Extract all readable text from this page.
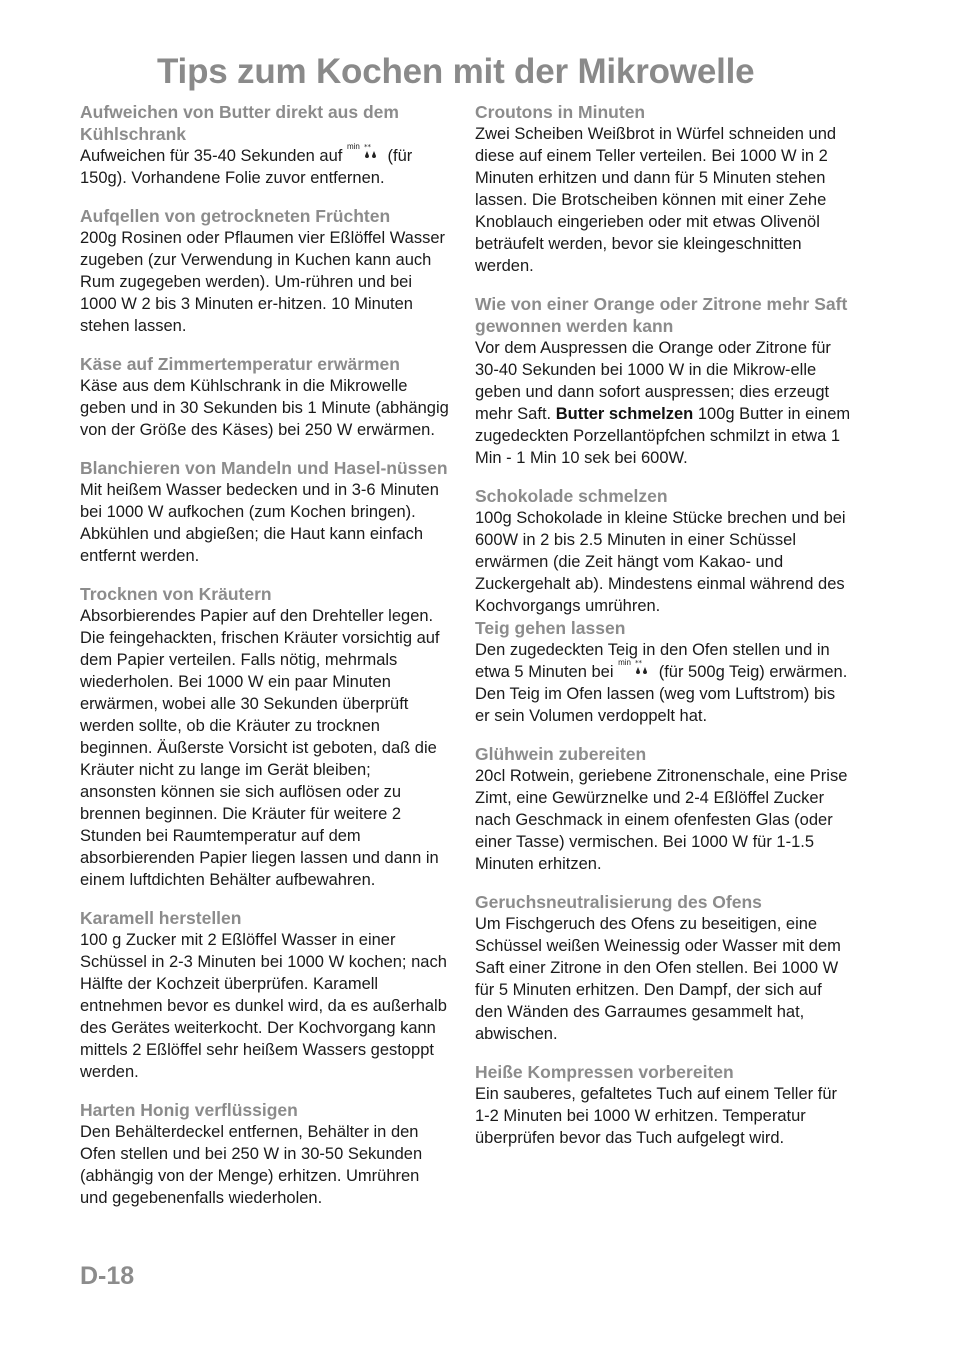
Tips zum Kochen mit der Mikrowelle
Aufweichen von Butter direkt aus dem Kühlschrank
Aufweichen für 35-40 Sekunden auf
min ** (für 150g). Vorhandene Folie zuvor entfernen.
Aufqellen von getrockneten Früchten
200g Rosinen oder Pflaumen vier Eßlöffel Wasser zugeben (zur Verwendung in Kuchen kann auch Rum zugegeben werden). Um-rühren und bei 1000 W 2 bis 3 Minuten er-hitzen. 10 Minuten stehen lassen.
Käse auf Zimmertemperatur erwärmen
Käse aus dem Kühlschrank in die Mikrowelle geben und in 30 Sekunden bis 1 Minute (abhängig von der Größe des Käses) bei 250 W erwärmen.
Blanchieren von Mandeln und Hasel-nüssen
Mit heißem Wasser bedecken und in 3-6 Minuten bei 1000 W aufkochen (zum Kochen bringen). Abkühlen und abgießen; die Haut kann einfach entfernt werden.
Trocknen von Kräutern
Absorbierendes Papier auf den Drehteller legen. Die feingehackten, frischen Kräuter vorsichtig auf dem Papier verteilen. Falls nötig, mehrmals wiederholen. Bei 1000 W ein paar Minuten erwärmen, wobei alle 30 Sekunden überprüft werden sollte, ob die Kräuter zu trocknen beginnen. Äußerste Vorsicht ist geboten, daß die Kräuter nicht zu lange im Gerät bleiben; ansonsten können sie sich auflösen oder zu brennen beginnen. Die Kräuter für weitere 2 Stunden bei Raumtemperatur auf dem absorbierenden Papier liegen lassen und dann in einem luftdichten Behälter aufbewahren.
Karamell herstellen
100 g Zucker mit 2 Eßlöffel Wasser in einer Schüssel in 2-3 Minuten bei 1000 W kochen; nach Hälfte der Kochzeit überprüfen. Karamell entnehmen bevor es dunkel wird, da es außerhalb des Gerätes weiterkocht. Der Kochvorgang kann mittels 2 Eßlöffel sehr heißem Wassers gestoppt werden.
Harten Honig verflüssigen
Den Behälterdeckel entfernen, Behälter in den Ofen stellen und bei 250 W in 30-50 Sekunden (abhängig von der Menge) erhitzen. Umrühren und gegebenenfalls wiederholen.
Croutons in Minuten
Zwei Scheiben Weißbrot in Würfel schneiden und diese auf einem Teller verteilen. Bei 1000 W in 2 Minuten erhitzen und dann für 5 Minuten stehen lassen. Die Brotscheiben können mit einer Zehe Knoblauch eingerieben oder mit etwas Olivenöl beträufelt werden, bevor sie kleingeschnitten werden.
Wie von einer Orange oder Zitrone mehr Saft gewonnen werden kann
Vor dem Auspressen die Orange oder Zitrone für 30-40 Sekunden bei 1000 W in die Mikrow-elle geben und dann sofort auspressen; dies erzeugt mehr Saft. Butter schmelzen 100g Butter in einem zugedeckten Porzellantöpfchen schmilzt in etwa 1 Min - 1 Min 10 sek bei 600W.
Schokolade schmelzen
100g Schokolade in kleine Stücke brechen und bei 600W in 2 bis 2.5 Minuten in einer Schüssel erwärmen (die Zeit hängt vom Kakao- und Zuckergehalt ab). Mindestens einmal während des Kochvorgangs umrühren.
Teig gehen lassen
Den zugedeckten Teig in den Ofen stellen und in etwa 5 Minuten bei
min ** (für 500g Teig) erwärmen. Den Teig im Ofen lassen (weg vom Luftstrom) bis er sein Volumen verdoppelt hat.
Glühwein zubereiten
20cl Rotwein, geriebene Zitronenschale, eine Prise Zimt, eine Gewürznelke und 2-4 Eßlöffel Zucker nach Geschmack in einem ofenfesten Glas (oder einer Tasse) vermischen. Bei 1000 W für 1-1.5 Minuten erhitzen.
Geruchsneutralisierung des Ofens
Um Fischgeruch des Ofens zu beseitigen, eine Schüssel weißen Weinessig oder Wasser mit dem Saft einer Zitrone in den Ofen stellen. Bei 1000 W für 5 Minuten erhitzen. Den Dampf, der sich auf den Wänden des Garraumes gesammelt hat, abwischen.
Heiße Kompressen vorbereiten
Ein sauberes, gefaltetes Tuch auf einem Teller für 1-2 Minuten bei 1000 W erhitzen. Temperatur überprüfen bevor das Tuch aufgelegt wird.
D-18
